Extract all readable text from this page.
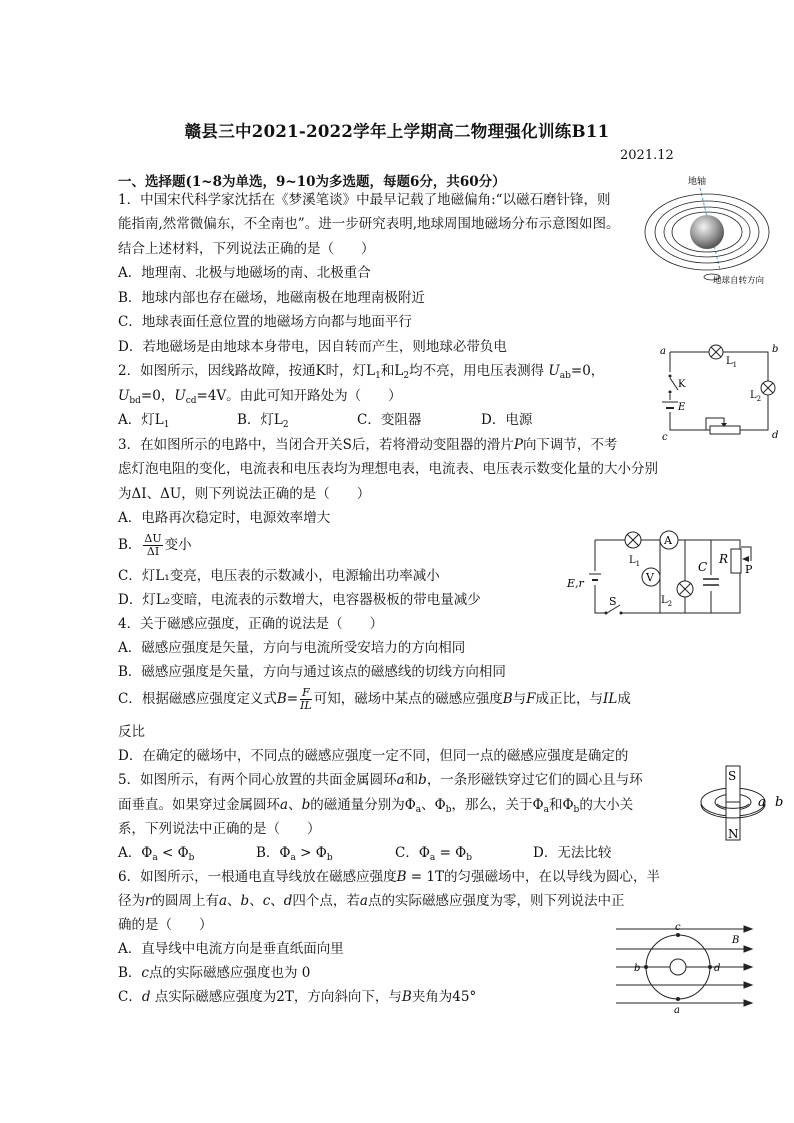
赣县三中2021-2022学年上学期高二物理强化训练B11
2021.12
一、选择题(1~8为单选，9~10为多选题，每题6分，共60分）
1．中国宋代科学家沈括在《梦溪笔谈》中最早记载了地磁偏角:“以磁石磨针锋，则
能指南,然常微偏东，不全南也”。进一步研究表明,地球周围地磁场分布示意图如图。
结合上述材料，下列说法正确的是（　　）
A．地理南、北极与地磁场的南、北极重合
B．地球内部也存在磁场，地磁南极在地理南极附近
C．地球表面任意位置的地磁场方向都与地面平行
D．若地磁场是由地球本身带电，因自转而产生，则地球必带负电
地轴
地球自转方向
2．如图所示，因线路故障，按通K时，灯$L_1$和$L_2$均不亮，用电压表测得 $U_{ab}=0$，
$U_{bd}=0$，$U_{cd}=4V$。由此可知开路处为（　　）
A．灯$L_1$	B．灯$L_2$	C．变阻器	D．电源
a	b
c	d
K
E
$L_1$
$L_2$
3．在如图所示的电路中，当闭合开关S后，若将滑动变阻器的滑片P向下调节，不考
虑灯泡电阻的变化，电流表和电压表均为理想电表，电流表、电压表示数变化量的大小分别
为ΔI、ΔU，则下列说法正确的是（　　）
A．电路再次稳定时，电源效率增大
B． $\frac{\Delta U}{\Delta I}$ 变小
C．灯L₁变亮，电压表的示数减小，电源输出功率减小
D．灯L₂变暗，电流表的示数增大，电容器极板的带电量减少
A
V
E,r
S
C
R
P
$L_1$
$L_2$
4．关于磁感应强度，正确的说法是（　　）
A．磁感应强度是矢量，方向与电流所受安培力的方向相同
B．磁感应强度是矢量，方向与通过该点的磁感线的切线方向相同
C．根据磁感应强度定义式$B= \frac{F}{IL}$ 可知，磁场中某点的磁感应强度B与F成正比，与IL成
反比
D．在确定的磁场中，不同点的磁感应强度一定不同，但同一点的磁感应强度是确定的
5．如图所示，有两个同心放置的共面金属圆环a和b，一条形磁铁穿过它们的圆心且与环
面垂直。如果穿过金属圆环a、b的磁通量分别为$\Phi_a$、$\Phi_b$，那么，关于$\Phi_a$和$\Phi_b$的大小关
系，下列说法中正确的是（　　）
A．$\Phi_a < \Phi_b$	B．$\Phi_a > \Phi_b$	C．$\Phi_a = \Phi_b$	D．无法比较
S
N
a b
6．如图所示，一根通电直导线放在磁感应强度B = 1T的匀强磁场中，在以导线为圆心，半
径为r的圆周上有a、b、c、d四个点，若a点的实际磁感应强度为零，则下列说法中正
确的是（　　）
A．直导线中电流方向是垂直纸面向里
B．c点的实际磁感应强度也为 0
C．d 点实际磁感应强度为2T，方向斜向下，与B夹角为45°
c
b	d
a
B
